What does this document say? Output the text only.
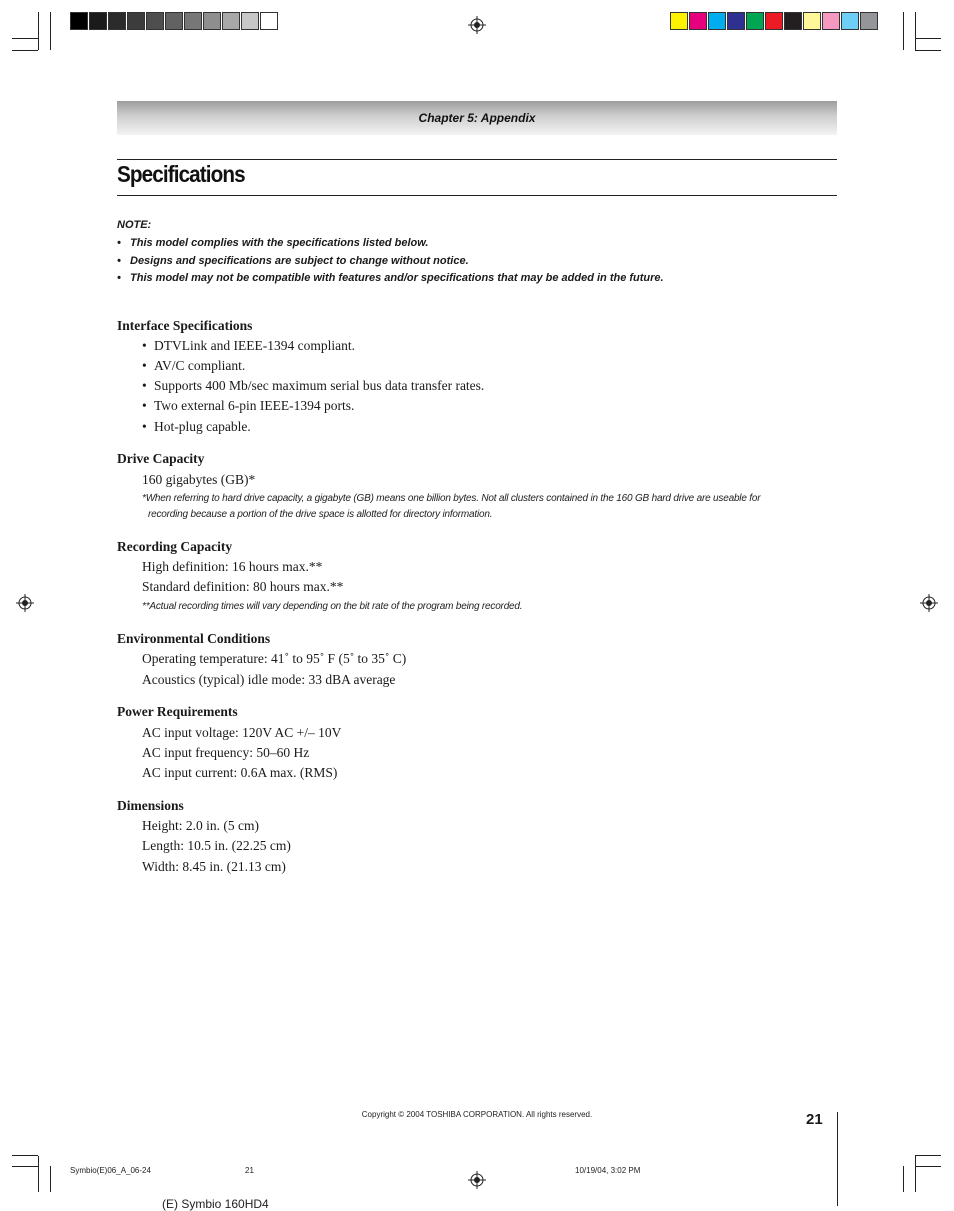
Chapter 5: Appendix
Specifications
NOTE:
• This model complies with the specifications listed below.
• Designs and specifications are subject to change without notice.
• This model may not be compatible with features and/or specifications that may be added in the future.
Interface Specifications
• DTVLink and IEEE-1394 compliant.
• AV/C compliant.
• Supports 400 Mb/sec maximum serial bus data transfer rates.
• Two external 6-pin IEEE-1394 ports.
• Hot-plug capable.
Drive Capacity
160 gigabytes (GB)*
*When referring to hard drive capacity, a gigabyte (GB) means one billion bytes. Not all clusters contained in the 160 GB hard drive are useable for
recording because a portion of the drive space is allotted for directory information.
Recording Capacity
High definition: 16 hours max.**
Standard definition: 80 hours max.**
**Actual recording times will vary depending on the bit rate of the program being recorded.
Environmental Conditions
Operating temperature: 41˚ to 95˚ F (5˚ to 35˚ C)
Acoustics (typical) idle mode: 33 dBA average
Power Requirements
AC input voltage: 120V AC +/– 10V
AC input frequency: 50–60 Hz
AC input current: 0.6A max. (RMS)
Dimensions
Height: 2.0 in. (5 cm)
Length: 10.5 in. (22.25 cm)
Width: 8.45 in. (21.13 cm)
Copyright © 2004 TOSHIBA CORPORATION. All rights reserved.	21
Symbio(E)06_A_06-24	21	10/19/04, 3:02 PM
(E) Symbio 160HD4
